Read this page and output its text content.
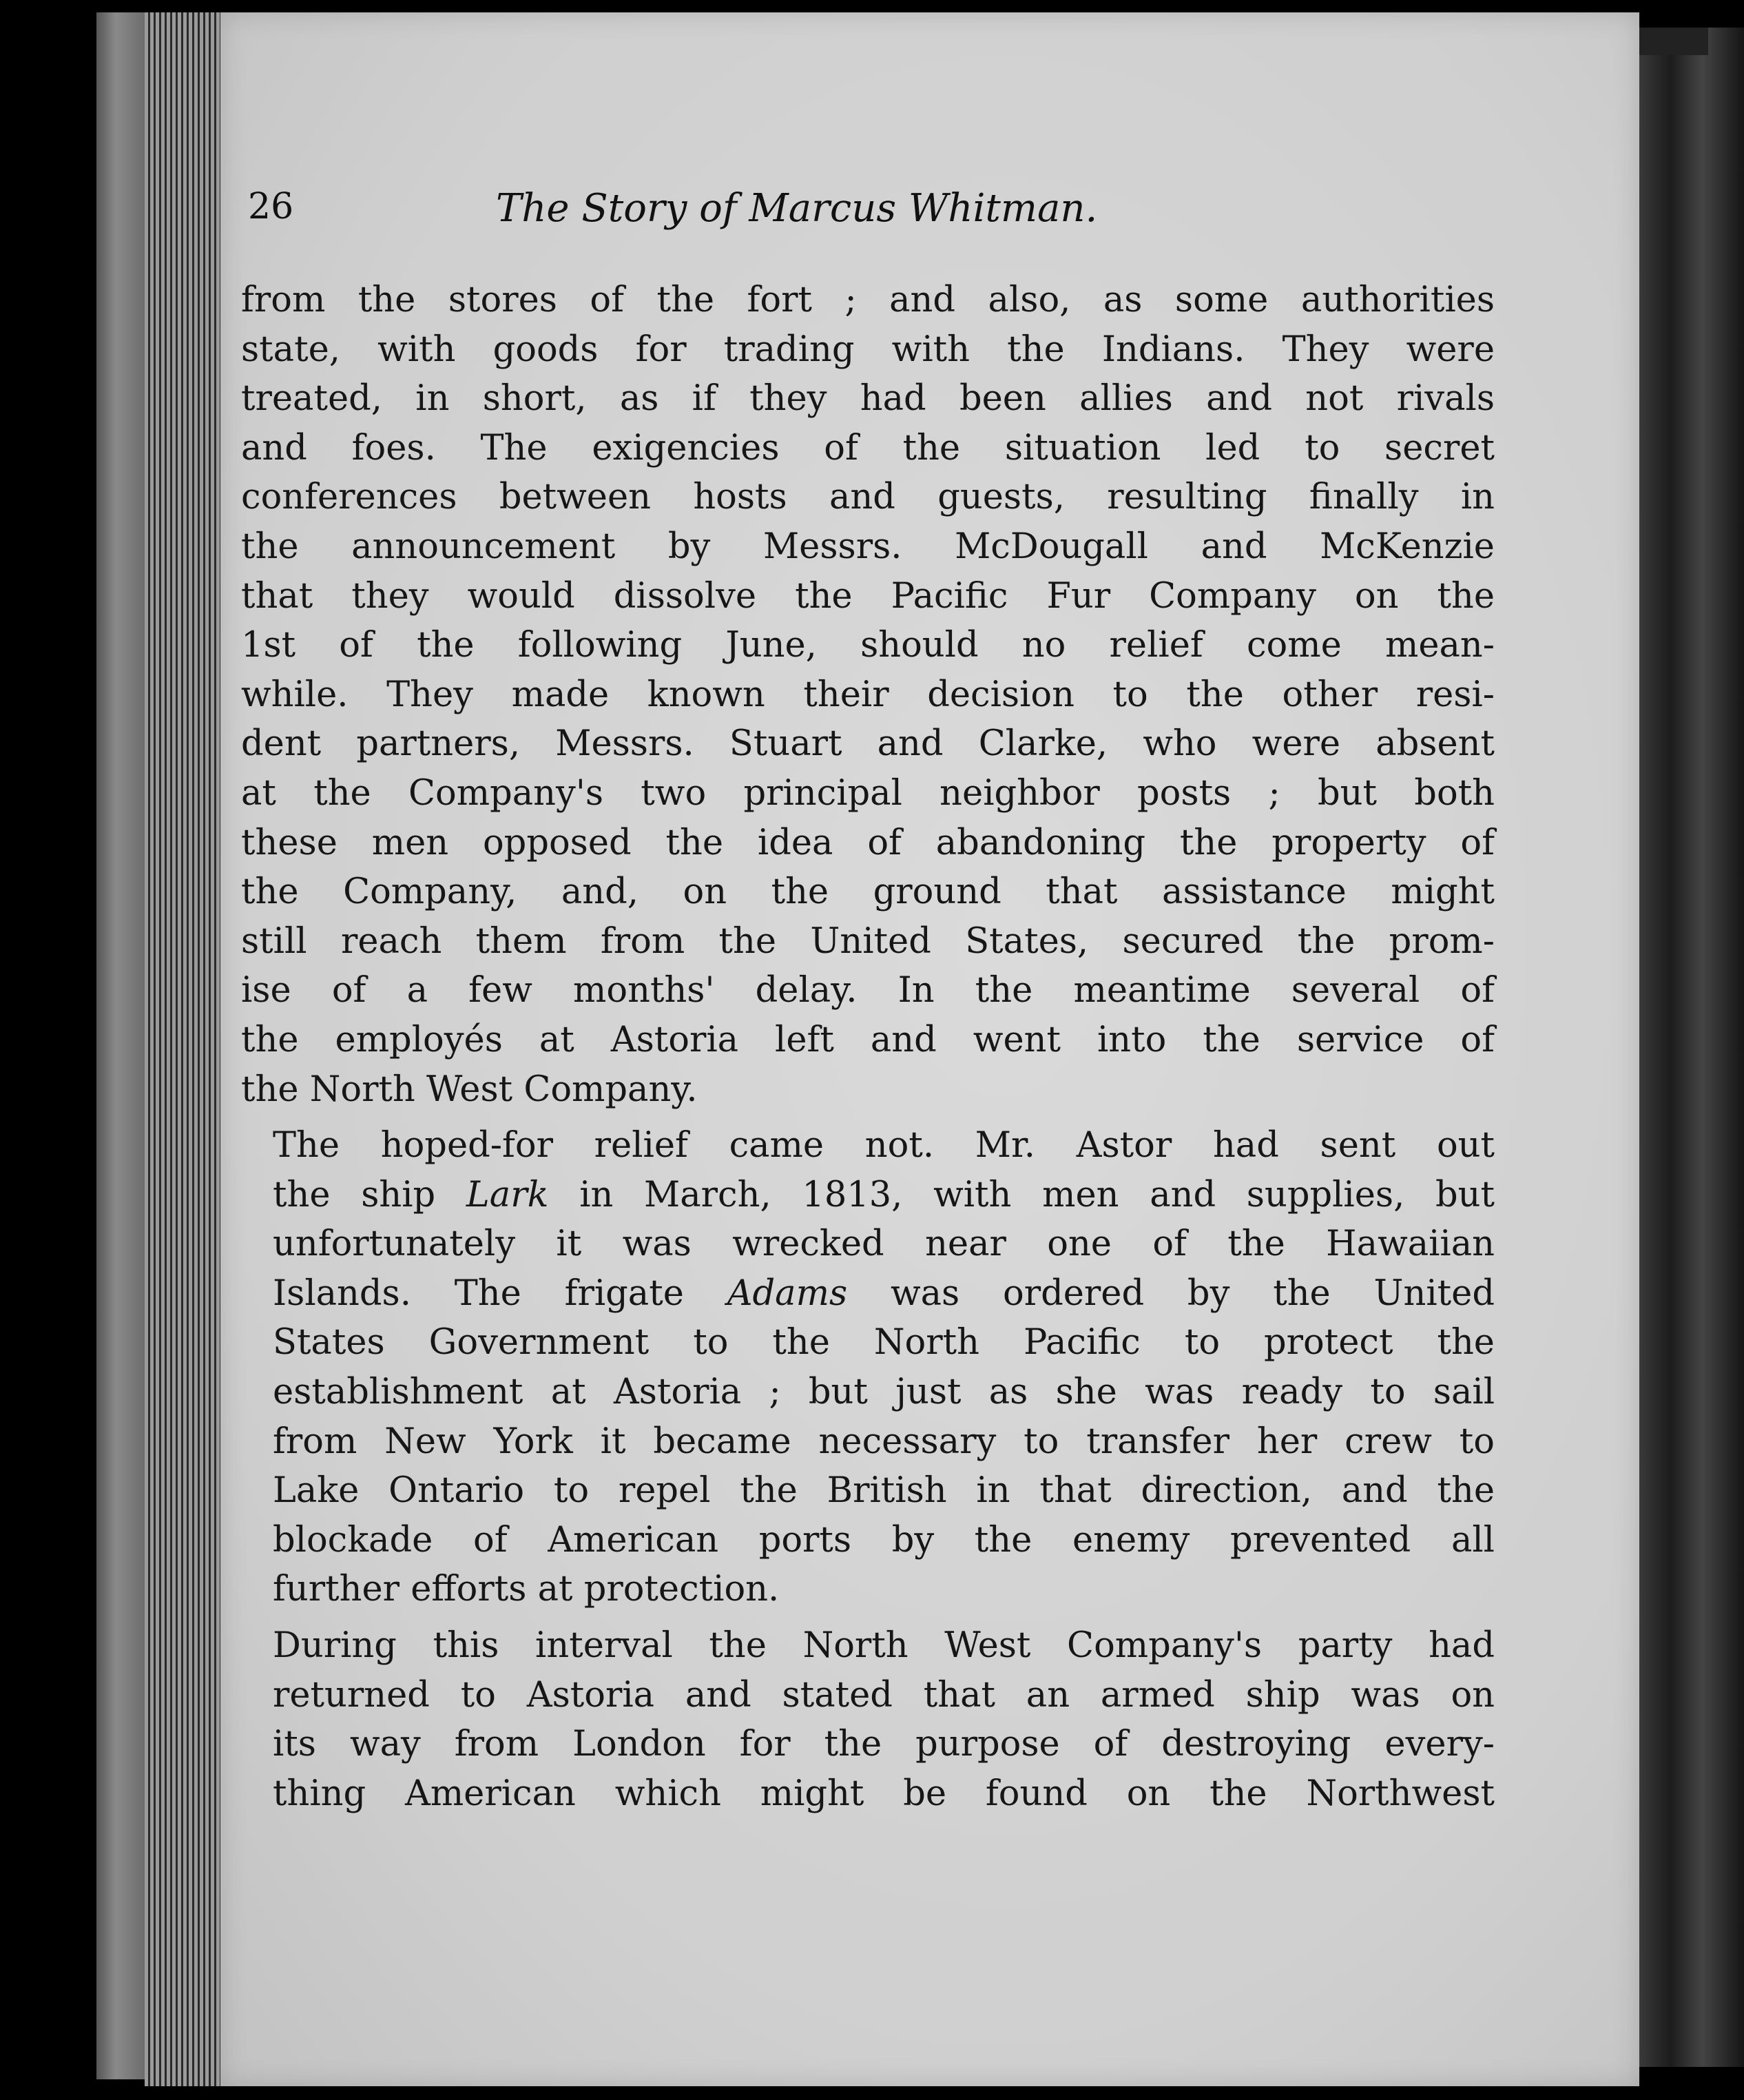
26	The Story of Marcus Whitman.

from the stores of the fort ; and also, as some authorities
state, with goods for trading with the Indians. They were
treated, in short, as if they had been allies and not rivals
and foes. The exigencies of the situation led to secret
conferences between hosts and guests, resulting finally in
the announcement by Messrs. McDougall and McKenzie
that they would dissolve the Pacific Fur Company on the
1st of the following June, should no relief come mean-
while. They made known their decision to the other resi-
dent partners, Messrs. Stuart and Clarke, who were absent
at the Company's two principal neighbor posts ; but both
these men opposed the idea of abandoning the property of
the Company, and, on the ground that assistance might
still reach them from the United States, secured the prom-
ise of a few months' delay. In the meantime several of
the employés at Astoria left and went into the service of
the North West Company.

The hoped-for relief came not. Mr. Astor had sent out
the ship Lark in March, 1813, with men and supplies, but
unfortunately it was wrecked near one of the Hawaiian
Islands. The frigate Adams was ordered by the United
States Government to the North Pacific to protect the
establishment at Astoria ; but just as she was ready to sail
from New York it became necessary to transfer her crew to
Lake Ontario to repel the British in that direction, and the
blockade of American ports by the enemy prevented all
further efforts at protection.

During this interval the North West Company's party had
returned to Astoria and stated that an armed ship was on
its way from London for the purpose of destroying every-
thing American which might be found on the Northwest
